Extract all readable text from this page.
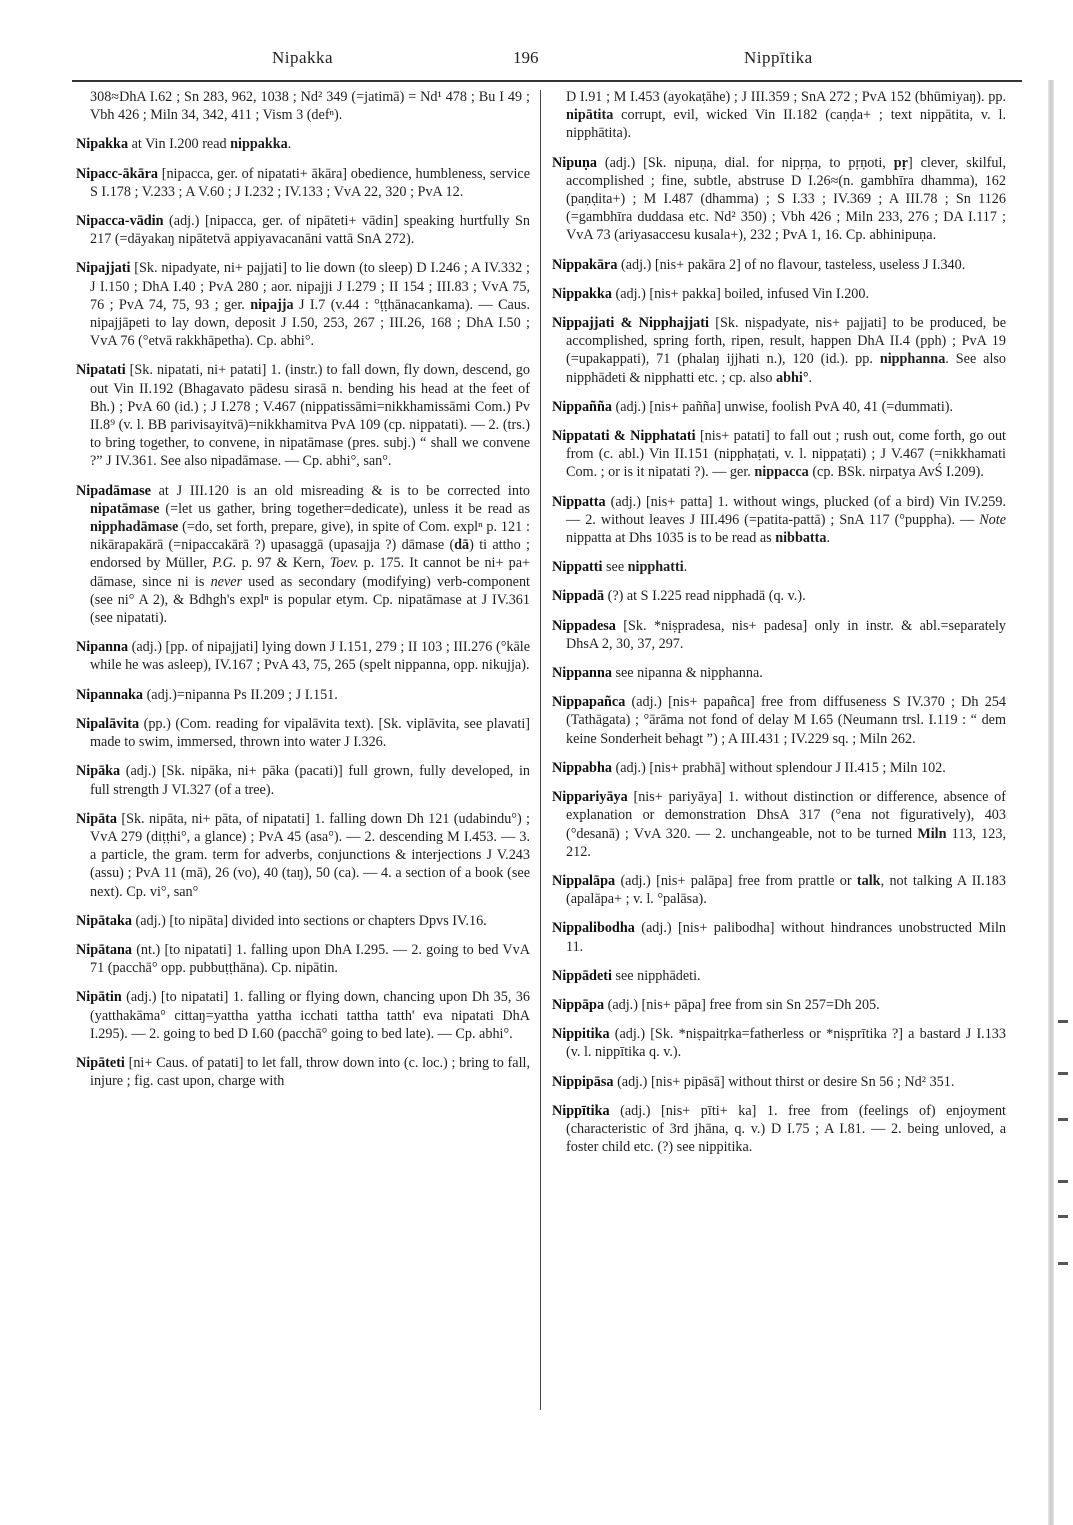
Nipakka	196	Nippītika

308≈DhA I.62 ; Sn 283, 962, 1038 ; Nd² 349 (=jatimā) = Nd¹ 478 ; Bu I 49 ; Vbh 426 ; Miln 34, 342, 411 ; Vism 3 (defⁿ).

Nipakka at Vin I.200 read nippakka.

Nipacc-ākāra [nipacca, ger. of nipatati+ ākāra] obedience, humbleness, service S I.178 ; V.233 ; A V.60 ; J I.232 ; IV.133 ; VvA 22, 320 ; PvA 12.

Nipacca-vādin (adj.) [nipacca, ger. of nipāteti+ vādin] speaking hurtfully Sn 217 (=dāyakaŋ nipātetvā appiyavacanāni vattā SnA 272).

Nipajjati [Sk. nipadyate, ni+ pajjati] to lie down (to sleep) D I.246 ; A IV.332 ; J I.150 ; DhA I.40 ; PvA 280 ; aor. nipajji J I.279 ; II 154 ; III.83 ; VvA 75, 76 ; PvA 74, 75, 93 ; ger. nipajja J I.7 (v.44 : °ṭṭhānacankama). — Caus. nipajjāpeti to lay down, deposit J I.50, 253, 267 ; III.26, 168 ; DhA I.50 ; VvA 76 (°etvā rakkhāpetha). Cp. abhi°.

Nipatati [Sk. nipatati, ni+ patati] 1. (instr.) to fall down, fly down, descend, go out Vin II.192 (Bhagavato pādesu sirasā n. bending his head at the feet of Bh.) ; PvA 60 (id.) ; J I.278 ; V.467 (nippatissāmi=nikkhamissāmi Com.) Pv II.8⁹ (v. l. BB parivisayitvā)=nikkhamitva PvA 109 (cp. nippatati). — 2. (trs.) to bring together, to convene, in nipatāmase (pres. subj.) “ shall we convene ?” J IV.361. See also nipadāmase. — Cp. abhi°, san°.

Nipadāmase at J III.120 is an old misreading & is to be corrected into nipatāmase (=let us gather, bring together=dedicate), unless it be read as nipphadāmase (=do, set forth, prepare, give), in spite of Com. explⁿ p. 121 : nikārapakārā (=nipaccakārā ?) upasaggā (upasajja ?) dāmase (dā) ti attho ; endorsed by Müller, P.G. p. 97 & Kern, Toev. p. 175. It cannot be ni+ pa+ dāmase, since ni is never used as secondary (modifying) verb-component (see ni° A 2), & Bdhgh's explⁿ is popular etym. Cp. nipatāmase at J IV.361 (see nipatati).

Nipanna (adj.) [pp. of nipajjati] lying down J I.151, 279 ; II 103 ; III.276 (°kāle while he was asleep), IV.167 ; PvA 43, 75, 265 (spelt nippanna, opp. nikujja).

Nipannaka (adj.)=nipanna Ps II.209 ; J I.151.

Nipalāvita (pp.) (Com. reading for vipalāvita text). [Sk. viplāvita, see plavati] made to swim, immersed, thrown into water J I.326.

Nipāka (adj.) [Sk. nipāka, ni+ pāka (pacati)] full grown, fully developed, in full strength J VI.327 (of a tree).

Nipāta [Sk. nipāta, ni+ pāta, of nipatati] 1. falling down Dh 121 (udabindu°) ; VvA 279 (diṭṭhi°, a glance) ; PvA 45 (asa°). — 2. descending M I.453. — 3. a particle, the gram. term for adverbs, conjunctions & interjections J V.243 (assu) ; PvA 11 (mā), 26 (vo), 40 (taŋ), 50 (ca). — 4. a section of a book (see next). Cp. vi°, san°

Nipātaka (adj.) [to nipāta] divided into sections or chapters Dpvs IV.16.

Nipātana (nt.) [to nipatati] 1. falling upon DhA I.295. — 2. going to bed VvA 71 (pacchā° opp. pubbuṭṭhāna). Cp. nipātin.

Nipātin (adj.) [to nipatati] 1. falling or flying down, chancing upon Dh 35, 36 (yatthakāma° cittaŋ=yattha yattha icchati tattha tatth' eva nipatati DhA I.295). — 2. going to bed D I.60 (pacchā° going to bed late). — Cp. abhi°.

Nipāteti [ni+ Caus. of patati] to let fall, throw down into (c. loc.) ; bring to fall, injure ; fig. cast upon, charge with

D I.91 ; M I.453 (ayokaṭāhe) ; J III.359 ; SnA 272 ; PvA 152 (bhūmiyaŋ). pp. nipātita corrupt, evil, wicked Vin II.182 (caṇḍa+ ; text nippātita, v. l. nipphātita).

Nipuṇa (adj.) [Sk. nipuṇa, dial. for nipṛṇa, to pṛṇoti, pṛ] clever, skilful, accomplished ; fine, subtle, abstruse D I.26≈(n. gambhīra dhamma), 162 (paṇḍita+) ; M I.487 (dhamma) ; S I.33 ; IV.369 ; A III.78 ; Sn 1126 (=gambhīra duddasa etc. Nd² 350) ; Vbh 426 ; Miln 233, 276 ; DA I.117 ; VvA 73 (ariyasaccesu kusala+), 232 ; PvA 1, 16. Cp. abhinipuṇa.

Nippakāra (adj.) [nis+ pakāra 2] of no flavour, tasteless, useless J I.340.

Nippakka (adj.) [nis+ pakka] boiled, infused Vin I.200.

Nippajjati & Nipphajjati [Sk. niṣpadyate, nis+ pajjati] to be produced, be accomplished, spring forth, ripen, result, happen DhA II.4 (pph) ; PvA 19 (=upakappati), 71 (phalaŋ ijjhati n.), 120 (id.). pp. nipphanna. See also nipphādeti & nipphatti etc. ; cp. also abhi°.

Nippañña (adj.) [nis+ pañña] unwise, foolish PvA 40, 41 (=dummati).

Nippatati & Nipphatati [nis+ patati] to fall out ; rush out, come forth, go out from (c. abl.) Vin II.151 (nipphaṭati, v. l. nippaṭati) ; J V.467 (=nikkhamati Com. ; or is it nipatati ?). — ger. nippacca (cp. BSk. nirpatya AvŚ I.209).

Nippatta (adj.) [nis+ patta] 1. without wings, plucked (of a bird) Vin IV.259. — 2. without leaves J III.496 (=patita-pattā) ; SnA 117 (°puppha). — Note nippatta at Dhs 1035 is to be read as nibbatta.

Nippatti see nipphatti.

Nippadā (?) at S I.225 read nipphadā (q. v.).

Nippadesa [Sk. *niṣpradesa, nis+ padesa] only in instr. & abl.=separately DhsA 2, 30, 37, 297.

Nippanna see nipanna & nipphanna.

Nippapañca (adj.) [nis+ papañca] free from diffuseness S IV.370 ; Dh 254 (Tathāgata) ; °ārāma not fond of delay M I.65 (Neumann trsl. I.119 : “ dem keine Sonderheit behagt ”) ; A III.431 ; IV.229 sq. ; Miln 262.

Nippabha (adj.) [nis+ prabhā] without splendour J II.415 ; Miln 102.

Nippariyāya [nis+ pariyāya] 1. without distinction or difference, absence of explanation or demonstration DhsA 317 (°ena not figuratively), 403 (°desanā) ; VvA 320. — 2. unchangeable, not to be turned Miln 113, 123, 212.

Nippalāpa (adj.) [nis+ palāpa] free from prattle or talk, not talking A II.183 (apalāpa+ ; v. l. °palāsa).

Nippalibodha (adj.) [nis+ palibodha] without hindrances unobstructed Miln 11.

Nippādeti see nipphādeti.

Nippāpa (adj.) [nis+ pāpa] free from sin Sn 257=Dh 205.

Nippitika (adj.) [Sk. *niṣpaitṛka=fatherless or *niṣprītika ?] a bastard J I.133 (v. l. nippītika q. v.).

Nippipāsa (adj.) [nis+ pipāsā] without thirst or desire Sn 56 ; Nd² 351.

Nippītika (adj.) [nis+ pīti+ ka] 1. free from (feelings of) enjoyment (characteristic of 3rd jhāna, q. v.) D I.75 ; A I.81. — 2. being unloved, a foster child etc. (?) see nippitika.
